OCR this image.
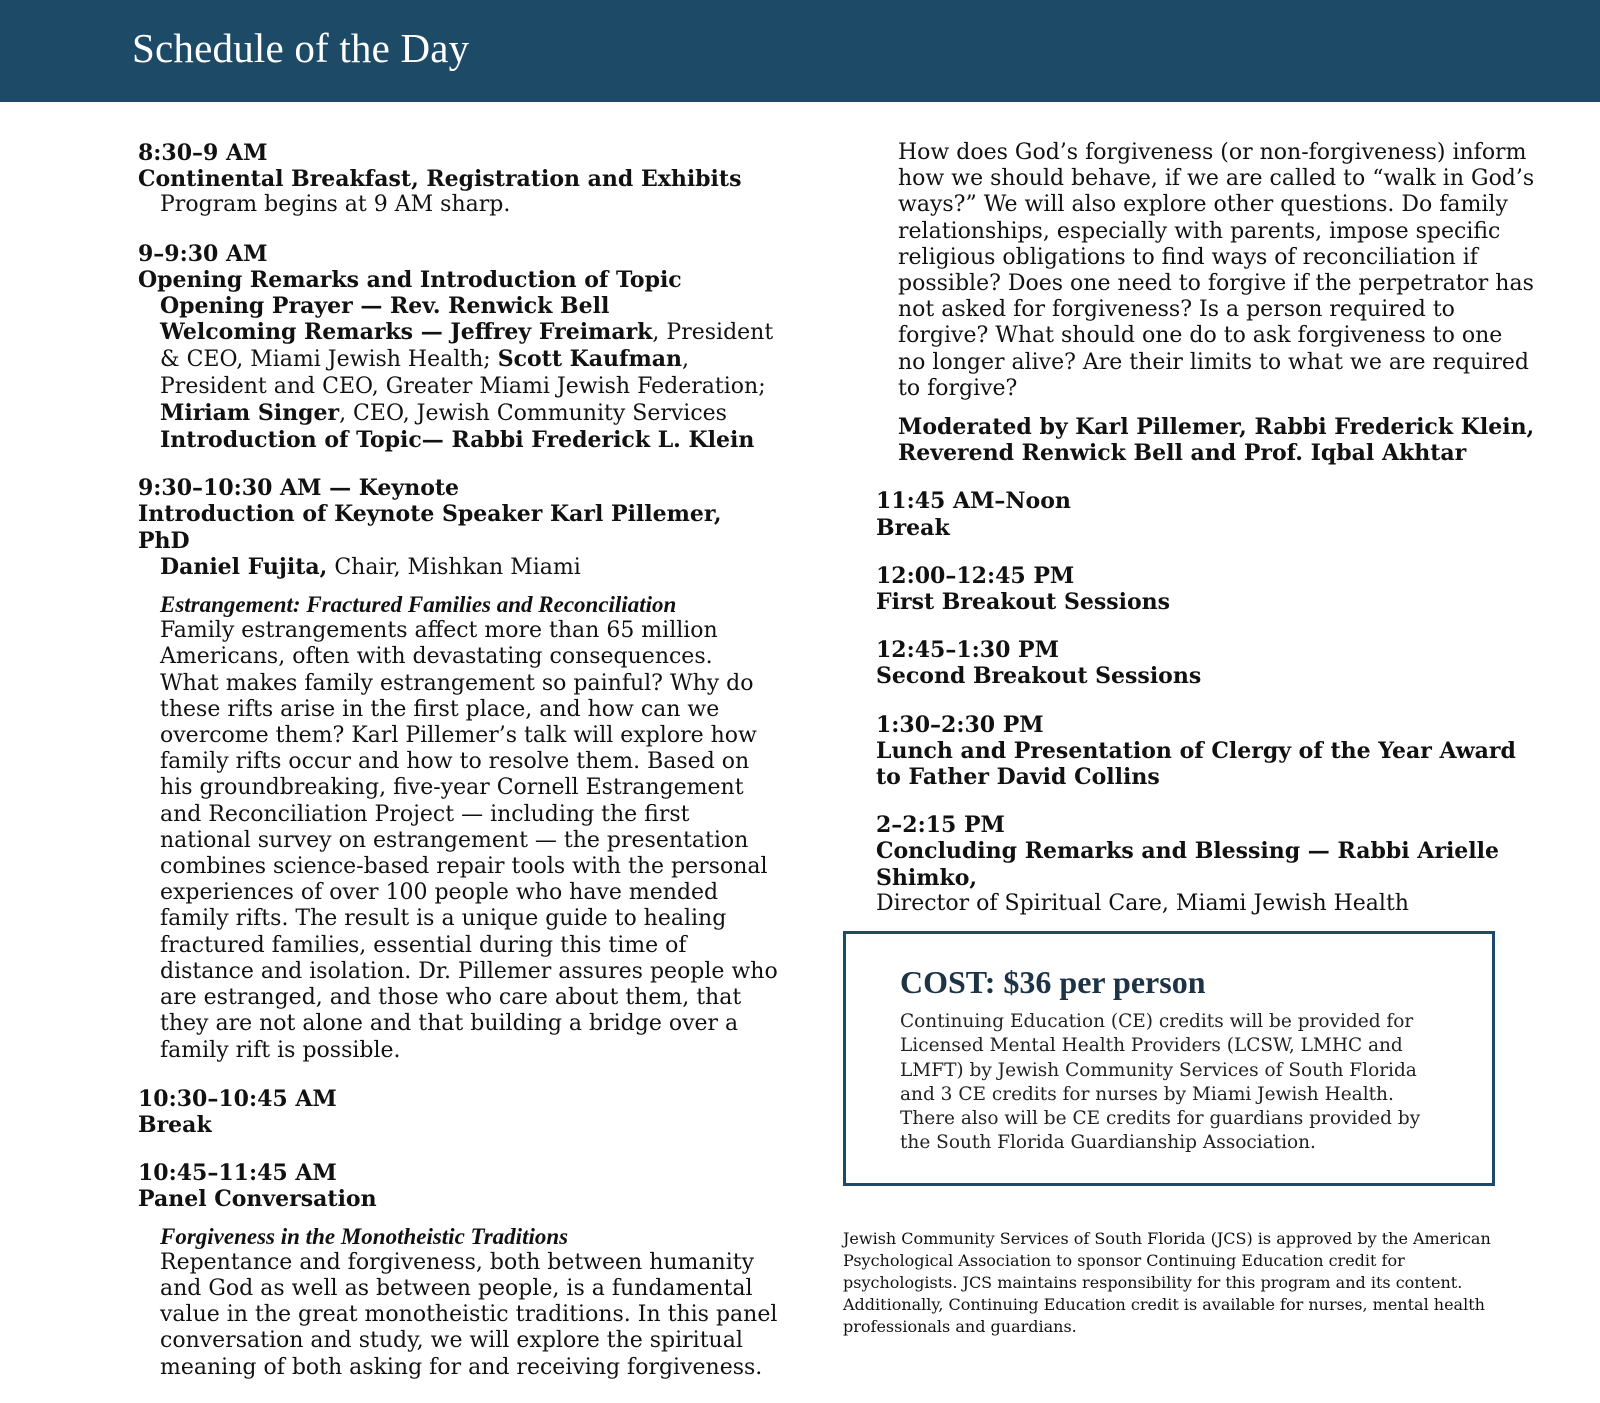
Schedule of the Day
8:30–9 AM
Continental Breakfast, Registration and Exhibits
Program begins at 9 AM sharp.
9–9:30 AM
Opening Remarks and Introduction of Topic
Opening Prayer — Rev. Renwick Bell
Welcoming Remarks — Jeffrey Freimark, President & CEO, Miami Jewish Health; Scott Kaufman, President and CEO, Greater Miami Jewish Federation; Miriam Singer, CEO, Jewish Community Services
Introduction of Topic— Rabbi Frederick L. Klein
9:30–10:30 AM — Keynote
Introduction of Keynote Speaker Karl Pillemer, PhD
Daniel Fujita, Chair, Mishkan Miami
Estrangement: Fractured Families and Reconciliation
Family estrangements affect more than 65 million Americans, often with devastating consequences. What makes family estrangement so painful? Why do these rifts arise in the first place, and how can we overcome them? Karl Pillemer’s talk will explore how family rifts occur and how to resolve them. Based on his groundbreaking, five-year Cornell Estrangement and Reconciliation Project — including the first national survey on estrangement — the presentation combines science-based repair tools with the personal experiences of over 100 people who have mended family rifts. The result is a unique guide to healing fractured families, essential during this time of distance and isolation. Dr. Pillemer assures people who are estranged, and those who care about them, that they are not alone and that building a bridge over a family rift is possible.
10:30–10:45 AM
Break
10:45–11:45 AM
Panel Conversation
Forgiveness in the Monotheistic Traditions
Repentance and forgiveness, both between humanity and God as well as between people, is a fundamental value in the great monotheistic traditions. In this panel conversation and study, we will explore the spiritual meaning of both asking for and receiving forgiveness.
How does God’s forgiveness (or non-forgiveness) inform how we should behave, if we are called to “walk in God’s ways?” We will also explore other questions. Do family relationships, especially with parents, impose specific religious obligations to find ways of reconciliation if possible? Does one need to forgive if the perpetrator has not asked for forgiveness? Is a person required to forgive? What should one do to ask forgiveness to one no longer alive? Are their limits to what we are required to forgive?
Moderated by Karl Pillemer, Rabbi Frederick Klein, Reverend Renwick Bell and Prof. Iqbal Akhtar
11:45 AM–Noon
Break
12:00–12:45 PM
First Breakout Sessions
12:45–1:30 PM
Second Breakout Sessions
1:30–2:30 PM
Lunch and Presentation of Clergy of the Year Award to Father David Collins
2–2:15 PM
Concluding Remarks and Blessing — Rabbi Arielle Shimko,
Director of Spiritual Care, Miami Jewish Health
COST: $36 per person
Continuing Education (CE) credits will be provided for Licensed Mental Health Providers (LCSW, LMHC and LMFT) by Jewish Community Services of South Florida and 3 CE credits for nurses by Miami Jewish Health. There also will be CE credits for guardians provided by the South Florida Guardianship Association.
Jewish Community Services of South Florida (JCS) is approved by the American Psychological Association to sponsor Continuing Education credit for psychologists. JCS maintains responsibility for this program and its content. Additionally, Continuing Education credit is available for nurses, mental health professionals and guardians.
